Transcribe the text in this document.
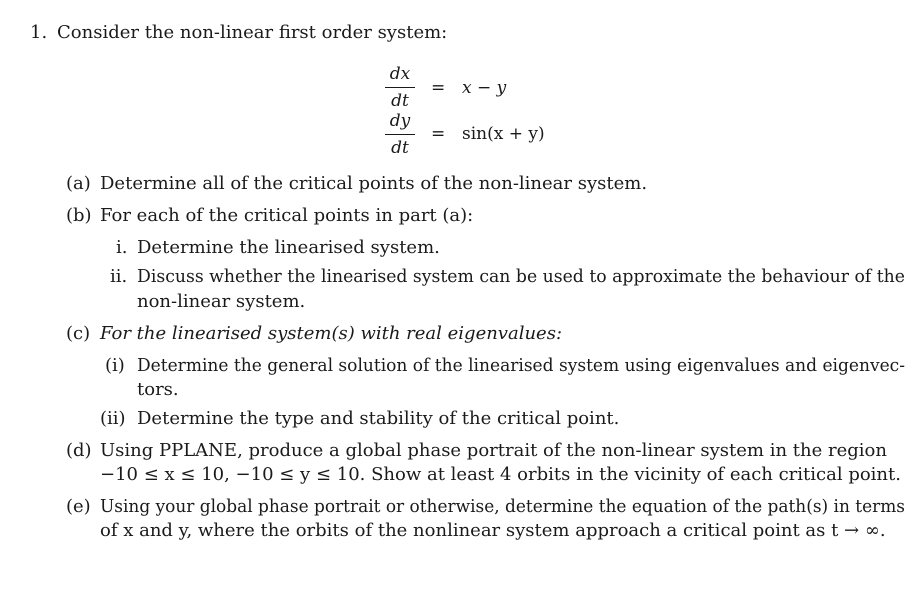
1. Consider the non-linear first order system:
dx
dt
= x − y
dy
dt
= sin(x + y)
(a) Determine all of the critical points of the non-linear system.
(b) For each of the critical points in part (a):
i. Determine the linearised system.
ii. Discuss whether the linearised system can be used to approximate the behaviour of the
non-linear system.
(c) For the linearised system(s) with real eigenvalues:
(i) Determine the general solution of the linearised system using eigenvalues and eigenvec-
tors.
(ii) Determine the type and stability of the critical point.
(d) Using PPLANE, produce a global phase portrait of the non-linear system in the region
−10 ≤ x ≤ 10, −10 ≤ y ≤ 10. Show at least 4 orbits in the vicinity of each critical point.
(e) Using your global phase portrait or otherwise, determine the equation of the path(s) in terms
of x and y, where the orbits of the nonlinear system approach a critical point as t → ∞.
